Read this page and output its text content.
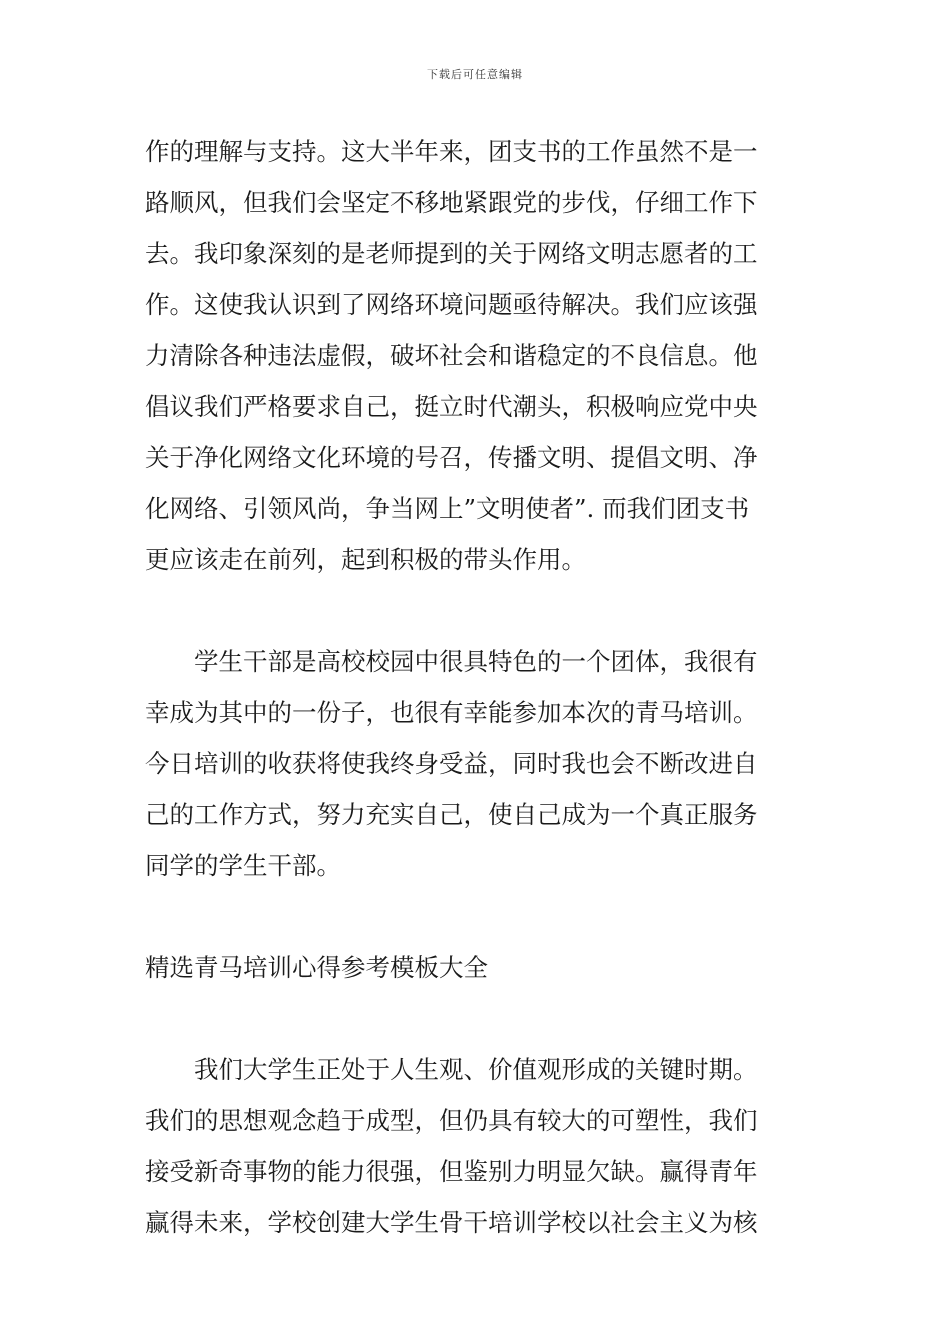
下载后可任意编辑
作的理解与支持。这大半年来，团支书的工作虽然不是一
路顺风，但我们会坚定不移地紧跟党的步伐，仔细工作下
去。我印象深刻的是老师提到的关于网络文明志愿者的工
作。这使我认识到了网络环境问题亟待解决。我们应该强
力清除各种违法虚假，破坏社会和谐稳定的不良信息。他
倡议我们严格要求自己，挺立时代潮头，积极响应党中央
关于净化网络文化环境的号召，传播文明、提倡文明、净
化网络、引领风尚，争当网上”文明使者”. 而我们团支书
更应该走在前列，起到积极的带头作用。
学生干部是高校校园中很具特色的一个团体，我很有
幸成为其中的一份子，也很有幸能参加本次的青马培训。
今日培训的收获将使我终身受益，同时我也会不断改进自
己的工作方式，努力充实自己，使自己成为一个真正服务
同学的学生干部。
精选青马培训心得参考模板大全
我们大学生正处于人生观、价值观形成的关键时期。
我们的思想观念趋于成型，但仍具有较大的可塑性，我们
接受新奇事物的能力很强，但鉴别力明显欠缺。赢得青年
赢得未来，学校创建大学生骨干培训学校以社会主义为核
